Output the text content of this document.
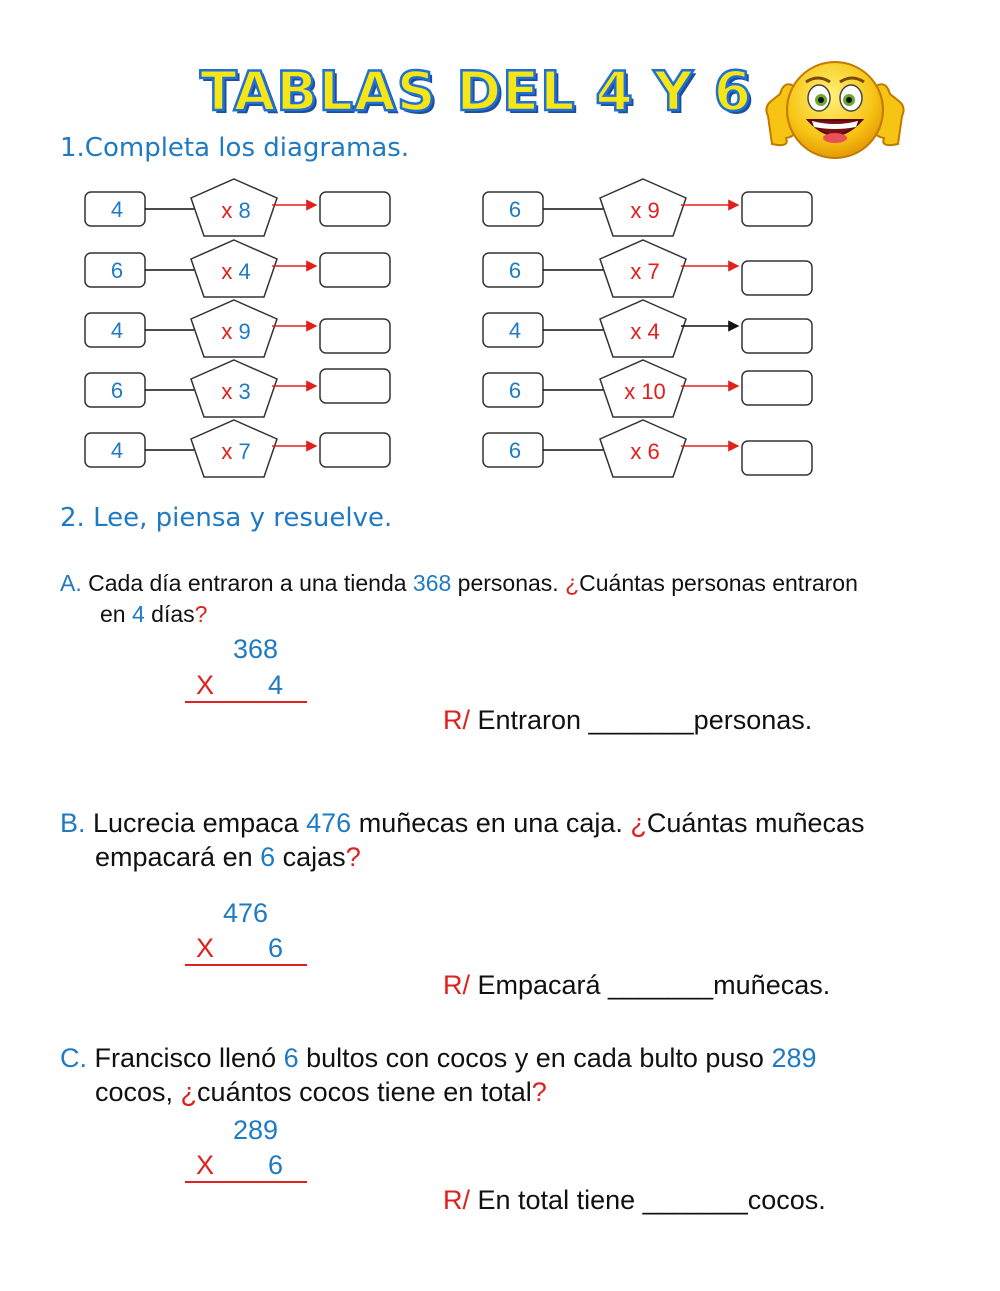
TABLAS DEL 4 Y 6
1.Completa los diagramas.
4	x 8
6	x 4
4	x 9
6	x 3
4	x 7
6	x 9
6	x 7
4	x 4
6	x 10
6	x 6
2. Lee, piensa y resuelve.
A. Cada día entraron a una tienda 368 personas. ¿Cuántas personas entraron
en 4 días?
368
X 4
R/ Entraron _______personas.
B. Lucrecia empaca 476 muñecas en una caja. ¿Cuántas muñecas
empacará en 6 cajas?
476
X 6
R/ Empacará _______muñecas.
C. Francisco llenó 6 bultos con cocos y en cada bulto puso 289
cocos, ¿cuántos cocos tiene en total?
289
X 6
R/ En total tiene _______cocos.
